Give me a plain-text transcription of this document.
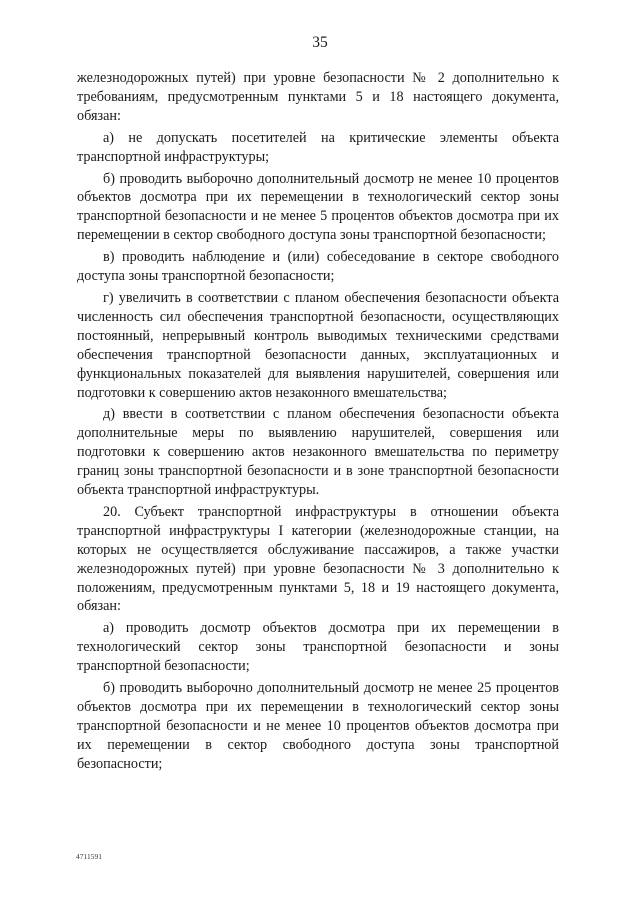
35

железнодорожных путей) при уровне безопасности № 2 дополнительно к требованиям, предусмотренным пунктами 5 и 18 настоящего документа, обязан:

а) не допускать посетителей на критические элементы объекта транспортной инфраструктуры;

б) проводить выборочно дополнительный досмотр не менее 10 процентов объектов досмотра при их перемещении в технологический сектор зоны транспортной безопасности и не менее 5 процентов объектов досмотра при их перемещении в сектор свободного доступа зоны транспортной безопасности;

в) проводить наблюдение и (или) собеседование в секторе свободного доступа зоны транспортной безопасности;

г) увеличить в соответствии с планом обеспечения безопасности объекта численность сил обеспечения транспортной безопасности, осуществляющих постоянный, непрерывный контроль выводимых техническими средствами обеспечения транспортной безопасности данных, эксплуатационных и функциональных показателей для выявления нарушителей, совершения или подготовки к совершению актов незаконного вмешательства;

д) ввести в соответствии с планом обеспечения безопасности объекта дополнительные меры по выявлению нарушителей, совершения или подготовки к совершению актов незаконного вмешательства по периметру границ зоны транспортной безопасности и в зоне транспортной безопасности объекта транспортной инфраструктуры.

20. Субъект транспортной инфраструктуры в отношении объекта транспортной инфраструктуры I категории (железнодорожные станции, на которых не осуществляется обслуживание пассажиров, а также участки железнодорожных путей) при уровне безопасности № 3 дополнительно к положениям, предусмотренным пунктами 5, 18 и 19 настоящего документа, обязан:

а) проводить досмотр объектов досмотра при их перемещении в технологический сектор зоны транспортной безопасности и зоны транспортной безопасности;

б) проводить выборочно дополнительный досмотр не менее 25 процентов объектов досмотра при их перемещении в технологический сектор зоны транспортной безопасности и не менее 10 процентов объектов досмотра при их перемещении в сектор свободного доступа зоны транспортной безопасности;

4711591
